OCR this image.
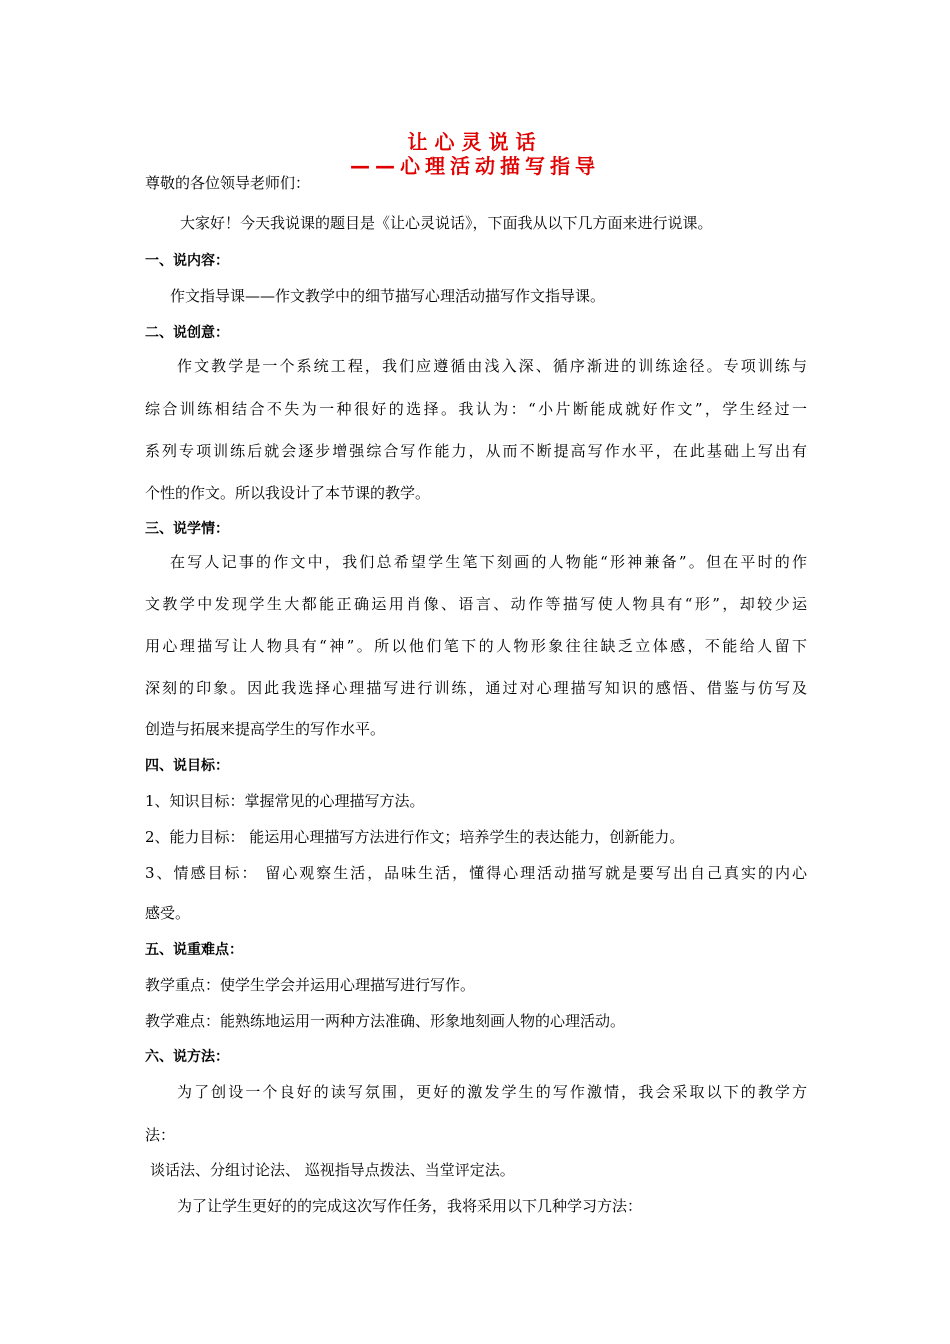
让心灵说话
——心理活动描写指导
尊敬的各位领导老师们：
大家好！今天我说课的题目是《让心灵说话》，下面我从以下几方面来进行说课。
一、说内容：
作文指导课——作文教学中的细节描写心理活动描写作文指导课。
二、说创意：
作文教学是一个系统工程，我们应遵循由浅入深、循序渐进的训练途径。专项训练与
综合训练相结合不失为一种很好的选择。我认为：“小片断能成就好作文”，学生经过一
系列专项训练后就会逐步增强综合写作能力，从而不断提高写作水平，在此基础上写出有
个性的作文。所以我设计了本节课的教学。
三、说学情：
在写人记事的作文中，我们总希望学生笔下刻画的人物能“形神兼备”。但在平时的作
文教学中发现学生大都能正确运用肖像、语言、动作等描写使人物具有“形”，却较少运
用心理描写让人物具有“神”。所以他们笔下的人物形象往往缺乏立体感，不能给人留下
深刻的印象。因此我选择心理描写进行训练，通过对心理描写知识的感悟、借鉴与仿写及
创造与拓展来提高学生的写作水平。
四、说目标：
1、知识目标：掌握常见的心理描写方法。
2、能力目标： 能运用心理描写方法进行作文；培养学生的表达能力，创新能力。
3、情感目标： 留心观察生活，品味生活，懂得心理活动描写就是要写出自己真实的内心
感受。
五、说重难点：
教学重点：使学生学会并运用心理描写进行写作。
教学难点：能熟练地运用一两种方法准确、形象地刻画人物的心理活动。
六、说方法：
为了创设一个良好的读写氛围，更好的激发学生的写作激情，我会采取以下的教学方
法：
谈话法、分组讨论法、 巡视指导点拨法、当堂评定法。
为了让学生更好的的完成这次写作任务，我将采用以下几种学习方法：
